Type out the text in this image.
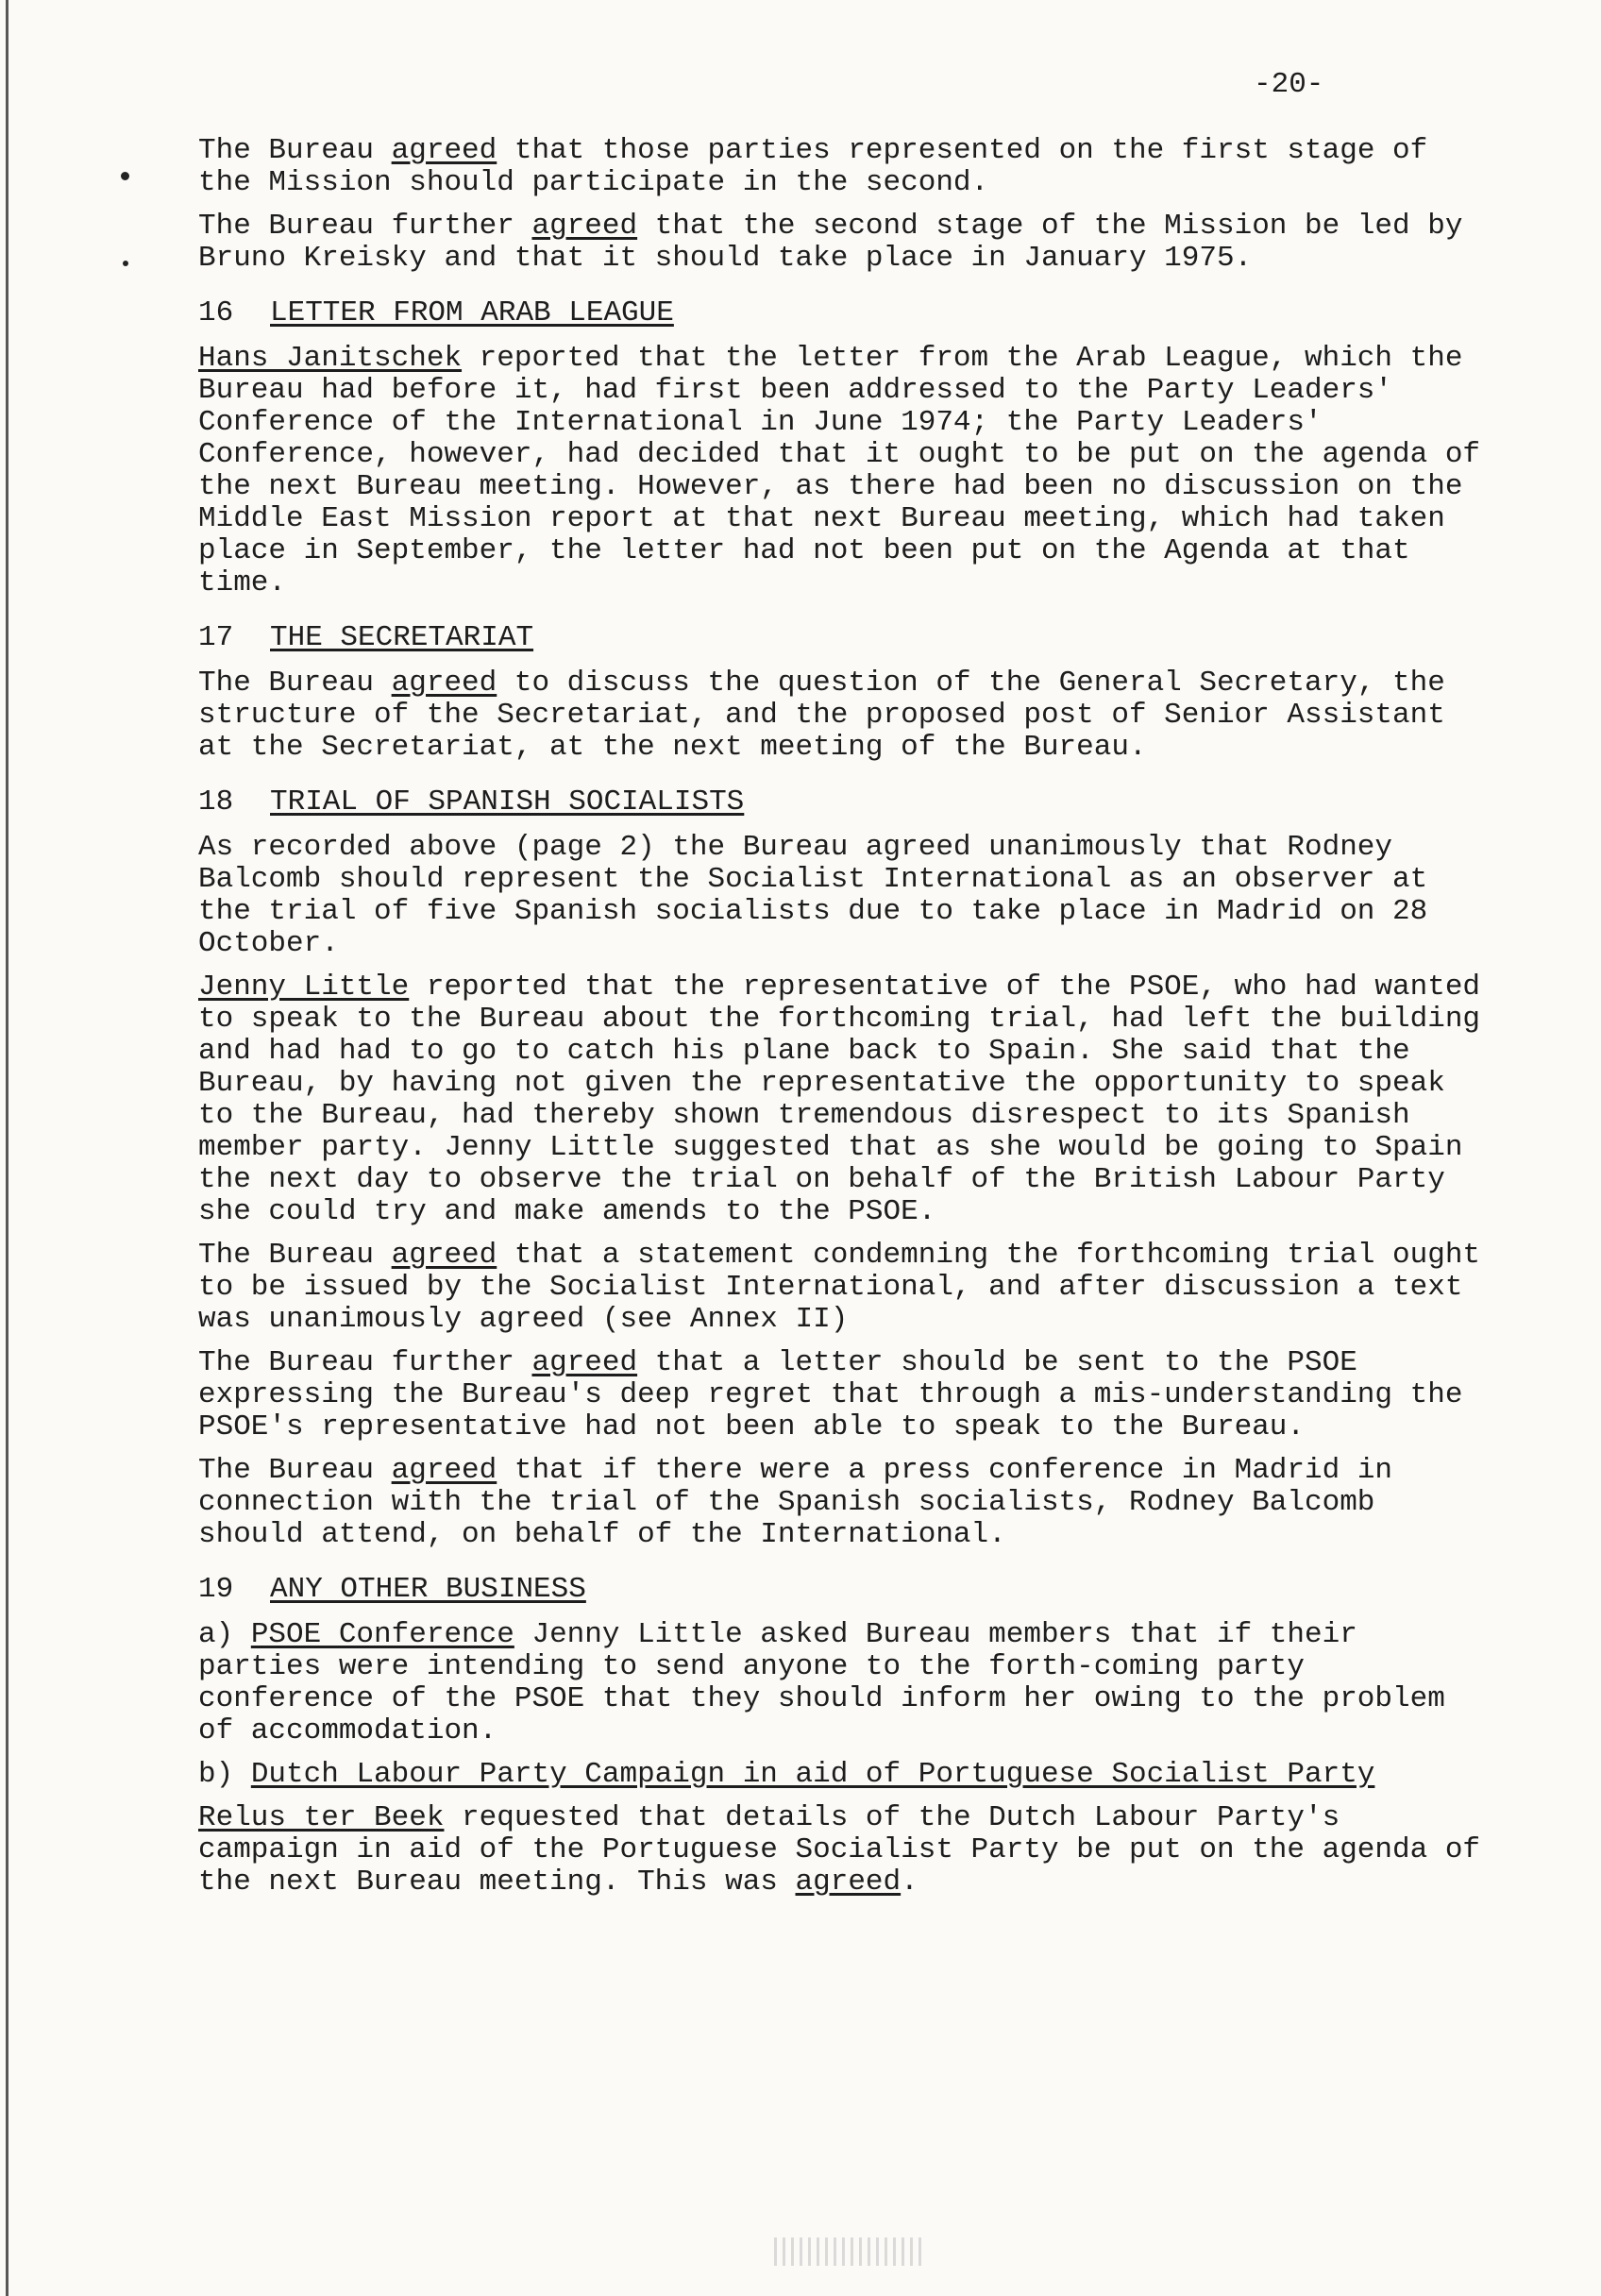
-20-

The Bureau agreed that those parties represented on the first stage of the Mission should participate in the second.

The Bureau further agreed that the second stage of the Mission be led by Bruno Kreisky and that it should take place in January 1975.

16 LETTER FROM ARAB LEAGUE

Hans Janitschek reported that the letter from the Arab League, which the Bureau had before it, had first been addressed to the Party Leaders' Conference of the International in June 1974; the Party Leaders' Conference, however, had decided that it ought to be put on the agenda of the next Bureau meeting. However, as there had been no discussion on the Middle East Mission report at that next Bureau meeting, which had taken place in September, the letter had not been put on the Agenda at that time.

17 THE SECRETARIAT

The Bureau agreed to discuss the question of the General Secretary, the structure of the Secretariat, and the proposed post of Senior Assistant at the Secretariat, at the next meeting of the Bureau.

18 TRIAL OF SPANISH SOCIALISTS

As recorded above (page 2) the Bureau agreed unanimously that Rodney Balcomb should represent the Socialist International as an observer at the trial of five Spanish socialists due to take place in Madrid on 28 October.

Jenny Little reported that the representative of the PSOE, who had wanted to speak to the Bureau about the forthcoming trial, had left the building and had had to go to catch his plane back to Spain. She said that the Bureau, by having not given the representative the opportunity to speak to the Bureau, had thereby shown tremendous disrespect to its Spanish member party. Jenny Little suggested that as she would be going to Spain the next day to observe the trial on behalf of the British Labour Party she could try and make amends to the PSOE.

The Bureau agreed that a statement condemning the forthcoming trial ought to be issued by the Socialist International, and after discussion a text was unanimously agreed (see Annex II)

The Bureau further agreed that a letter should be sent to the PSOE expressing the Bureau's deep regret that through a mis-understanding the PSOE's representative had not been able to speak to the Bureau.

The Bureau agreed that if there were a press conference in Madrid in connection with the trial of the Spanish socialists, Rodney Balcomb should attend, on behalf of the International.

19 ANY OTHER BUSINESS

a) PSOE Conference Jenny Little asked Bureau members that if their parties were intending to send anyone to the forth-coming party conference of the PSOE that they should inform her owing to the problem of accommodation.

b) Dutch Labour Party Campaign in aid of Portuguese Socialist Party

Relus ter Beek requested that details of the Dutch Labour Party's campaign in aid of the Portuguese Socialist Party be put on the agenda of the next Bureau meeting. This was agreed.
